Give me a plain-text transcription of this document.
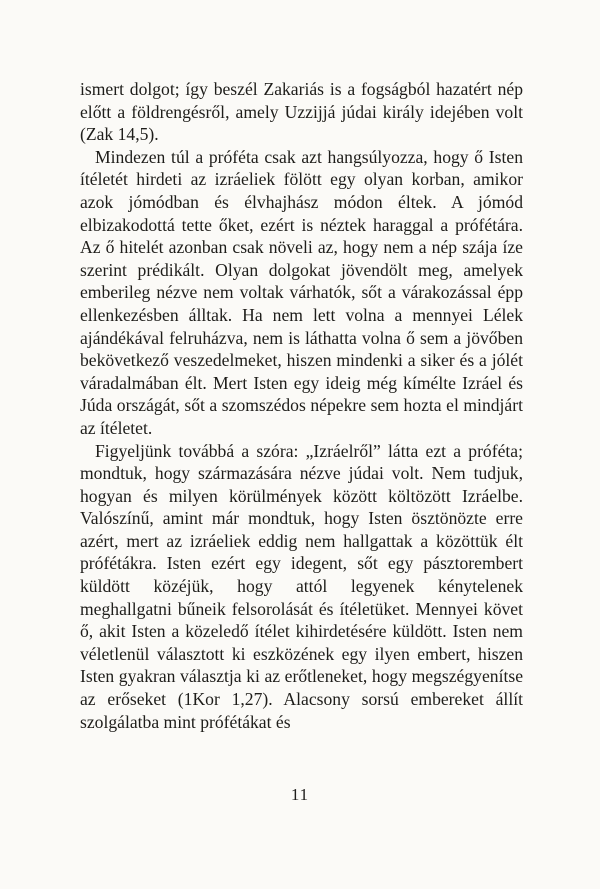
ismert dolgot; így beszél Zakariás is a fogságból hazatért nép előtt a földrengésről, amely Uzzijjá júdai király idejében volt (Zak 14,5).

Mindezen túl a próféta csak azt hangsúlyozza, hogy ő Isten ítéletét hirdeti az izráeliek fölött egy olyan korban, amikor azok jómódban és élvhajhász módon éltek. A jómód elbizakodottá tette őket, ezért is néztek haraggal a prófétára. Az ő hitelét azonban csak növeli az, hogy nem a nép szája íze szerint prédikált. Olyan dolgokat jövendölt meg, amelyek emberileg nézve nem voltak várhatók, sőt a várakozással épp ellenkezésben álltak. Ha nem lett volna a mennyei Lélek ajándékával felruházva, nem is láthatta volna ő sem a jövőben bekövetkező veszedelmeket, hiszen mindenki a siker és a jólét váradalmában élt. Mert Isten egy ideig még kímélte Izráel és Júda országát, sőt a szomszédos népekre sem hozta el mindjárt az ítéletet.

Figyeljünk továbbá a szóra: „Izráelről” látta ezt a próféta; mondtuk, hogy származására nézve júdai volt. Nem tudjuk, hogyan és milyen körülmények között költözött Izráelbe. Valószínű, amint már mondtuk, hogy Isten ösztönözte erre azért, mert az izráeliek eddig nem hallgattak a közöttük élt prófétákra. Isten ezért egy idegent, sőt egy pásztorembert küldött közéjük, hogy attól legyenek kénytelenek meghallgatni bűneik felsorolását és ítéletüket. Mennyei követ ő, akit Isten a közeledő ítélet kihirdetésére küldött. Isten nem véletlenül választott ki eszközének egy ilyen embert, hiszen Isten gyakran választja ki az erőtleneket, hogy megszégyenítse az erőseket (1Kor 1,27). Alacsony sorsú embereket állít szolgálatba mint prófétákat és

11
